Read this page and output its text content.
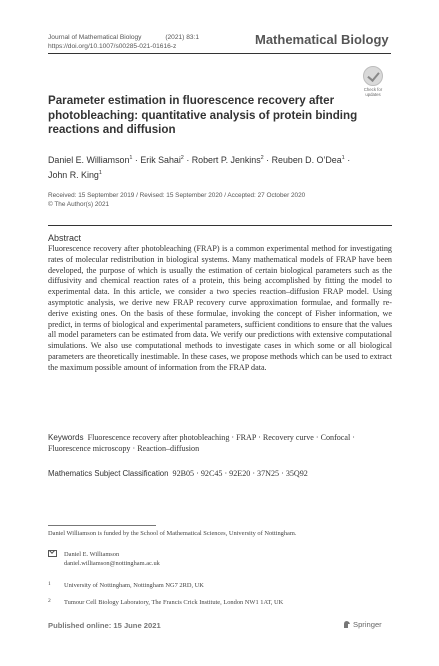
Journal of Mathematical Biology	(2021) 83:1
https://doi.org/10.1007/s00285-021-01616-z	Mathematical Biology
Check for
updates
Parameter estimation in fluorescence recovery after photobleaching: quantitative analysis of protein binding reactions and diffusion
Daniel E. Williamson$^1$ · Erik Sahai$^2$ · Robert P. Jenkins$^2$ · Reuben D. O’Dea$^1$ ·
John R. King$^1$
Received: 15 September 2019 / Revised: 15 September 2020 / Accepted: 27 October 2020
© The Author(s) 2021
Abstract
Fluorescence recovery after photobleaching (FRAP) is a common experimental method for investigating rates of molecular redistribution in biological systems. Many mathematical models of FRAP have been developed, the purpose of which is usually the estimation of certain biological parameters such as the diffusivity and chemical reaction rates of a protein, this being accomplished by fitting the model to experimental data. In this article, we consider a two species reaction–diffusion FRAP model. Using asymptotic analysis, we derive new FRAP recovery curve approximation formulae, and formally re-derive existing ones. On the basis of these formulae, invoking the concept of Fisher information, we predict, in terms of biological and experimental parameters, sufficient conditions to ensure that the values all model parameters can be estimated from data. We verify our predictions with extensive computational simulations. We also use computational methods to investigate cases in which some or all biological parameters are theoretically inestimable. In these cases, we propose methods which can be used to extract the maximum possible amount of information from the FRAP data.
Keywords Fluorescence recovery after photobleaching · FRAP · Recovery curve · Confocal · Fluorescence microscopy · Reaction–diffusion
Mathematics Subject Classification 92B05 · 92C45 · 92E20 · 37N25 · 35Q92
Daniel Williamson is funded by the School of Mathematical Sciences, University of Nottingham.
Daniel E. Williamson
daniel.williamson@nottingham.ac.uk
1 University of Nottingham, Nottingham NG7 2RD, UK
2 Tumour Cell Biology Laboratory, The Francis Crick Institute, London NW1 1AT, UK
Published online: 15 June 2021	Springer
